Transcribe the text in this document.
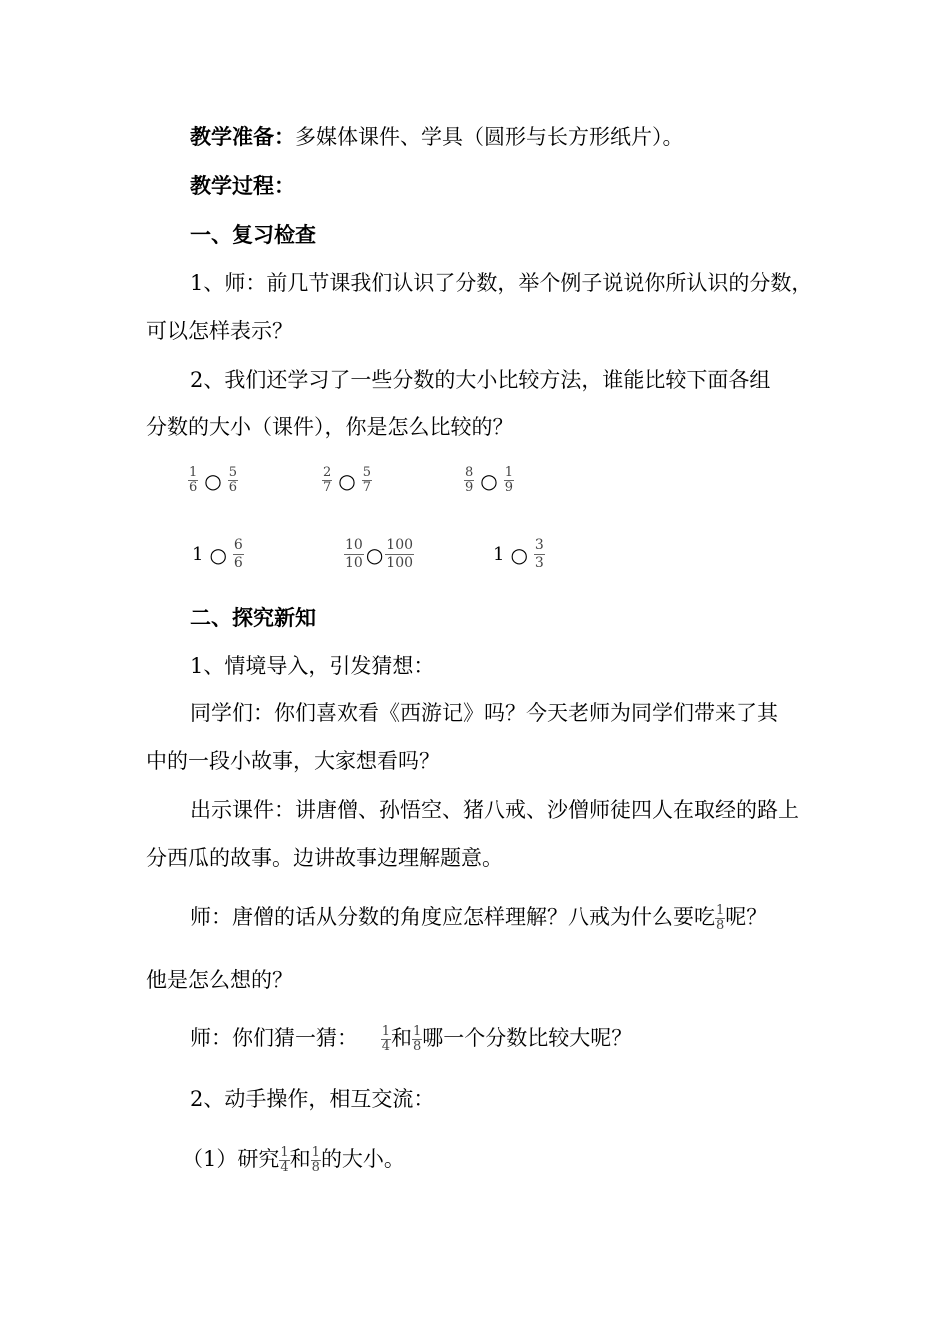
教学准备：多媒体课件、学具（圆形与长方形纸片）。
教学过程：
一、复习检查
1、师：前几节课我们认识了分数，举个例子说说你所认识的分数，
可以怎样表示？
2、我们还学习了一些分数的大小比较方法，谁能比较下面各组
分数的大小（课件），你是怎么比较的？
$\frac{1}{6}$ ○ $\frac{5}{6}$	$\frac{2}{7}$ ○ $\frac{5}{7}$	$\frac{8}{9}$ ○ $\frac{1}{9}$
1 ○ $\frac{6}{6}$	$\frac{10}{10}$ ○ $\frac{100}{100}$	1 ○ $\frac{3}{3}$
二、探究新知
1、情境导入，引发猜想：
同学们：你们喜欢看《西游记》吗？今天老师为同学们带来了其
中的一段小故事，大家想看吗？
出示课件：讲唐僧、孙悟空、猪八戒、沙僧师徒四人在取经的路上
分西瓜的故事。边讲故事边理解题意。
师：唐僧的话从分数的角度应怎样理解？八戒为什么要吃 $\frac{1}{8}$ 呢？
他是怎么想的？
师：你们猜一猜： $\frac{1}{4}$ 和 $\frac{1}{8}$ 哪一个分数比较大呢？
2、动手操作，相互交流：
（1）研究 $\frac{1}{4}$ 和 $\frac{1}{8}$ 的大小。
